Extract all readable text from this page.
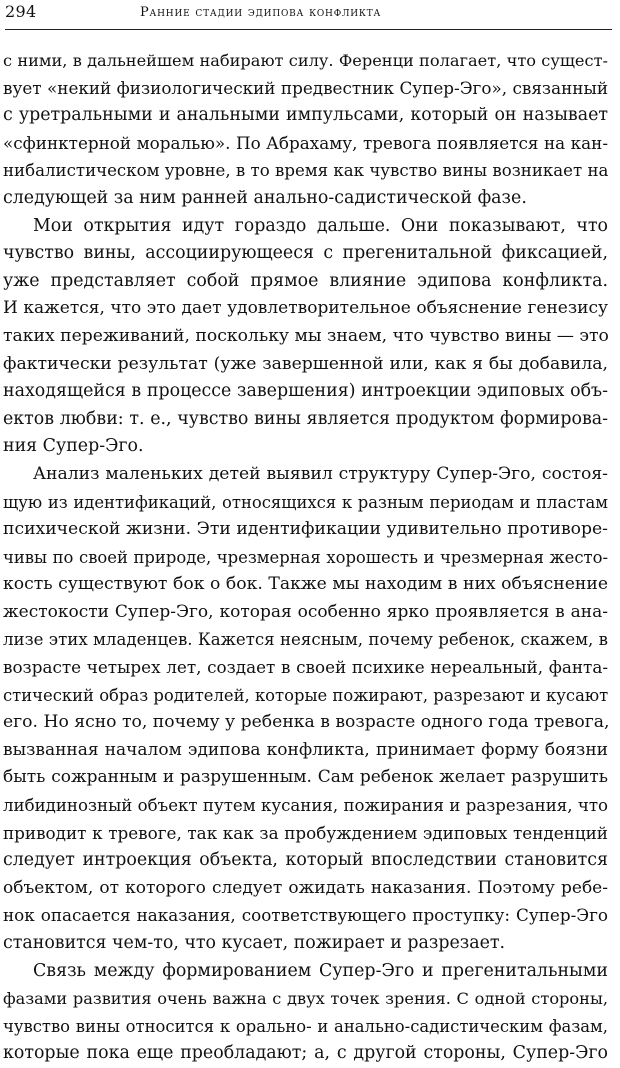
294	Ранние стадии эдипова конфликта
с ними, в дальнейшем набирают силу. Ференци полагает, что сущест-
вует «некий физиологический предвестник Супер-Эго», связанный
с уретральными и анальными импульсами, который он называет
«сфинктерной моралью». По Абрахаму, тревога появляется на кан-
нибалистическом уровне, в то время как чувство вины возникает на
следующей за ним ранней анально-садистической фазе.
Мои открытия идут гораздо дальше. Они показывают, что
чувство вины, ассоциирующееся с прегенитальной фиксацией,
уже представляет собой прямое влияние эдипова конфликта.
И кажется, что это дает удовлетворительное объяснение генезису
таких переживаний, поскольку мы знаем, что чувство вины — это
фактически результат (уже завершенной или, как я бы добавила,
находящейся в процессе завершения) интроекции эдиповых объ-
ектов любви: т. е., чувство вины является продуктом формирова-
ния Супер-Эго.
Анализ маленьких детей выявил структуру Супер-Эго, состоя-
щую из идентификаций, относящихся к разным периодам и пластам
психической жизни. Эти идентификации удивительно противоре-
чивы по своей природе, чрезмерная хорошесть и чрезмерная жесто-
кость существуют бок о бок. Также мы находим в них объяснение
жестокости Супер-Эго, которая особенно ярко проявляется в ана-
лизе этих младенцев. Кажется неясным, почему ребенок, скажем, в
возрасте четырех лет, создает в своей психике нереальный, фанта-
стический образ родителей, которые пожирают, разрезают и кусают
его. Но ясно то, почему у ребенка в возрасте одного года тревога,
вызванная началом эдипова конфликта, принимает форму боязни
быть сожранным и разрушенным. Сам ребенок желает разрушить
либидинозный объект путем кусания, пожирания и разрезания, что
приводит к тревоге, так как за пробуждением эдиповых тенденций
следует интроекция объекта, который впоследствии становится
объектом, от которого следует ожидать наказания. Поэтому ребе-
нок опасается наказания, соответствующего проступку: Супер-Эго
становится чем-то, что кусает, пожирает и разрезает.
Связь между формированием Супер-Эго и прегенитальными
фазами развития очень важна с двух точек зрения. С одной стороны,
чувство вины относится к орально- и анально-садистическим фазам,
которые пока еще преобладают; а, с другой стороны, Супер-Эго
